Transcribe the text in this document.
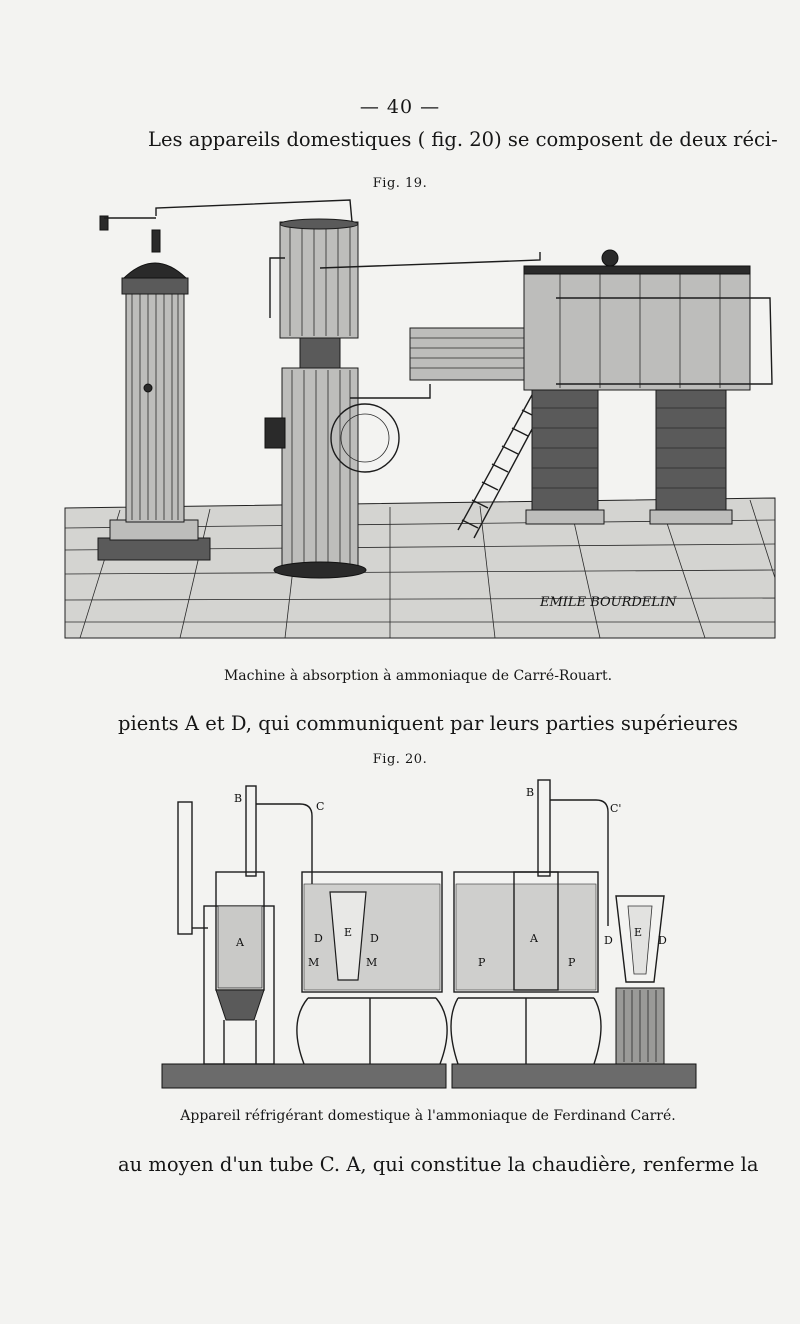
— 40 —
Les appareils domestiques ( fig. 20) se composent de deux réci-
Fig. 19.
EMILE BOURDELIN
Machine à absorption à ammoniaque de Carré-Rouart.
pients A et D, qui communiquent par leurs parties supérieures
Fig. 20.
B
C
A	D E D
M	M
B
C'
A
P	P
D
E
D
Appareil réfrigérant domestique à l'ammoniaque de Ferdinand Carré.
au moyen d'un tube C. A, qui constitue la chaudière, renferme la
